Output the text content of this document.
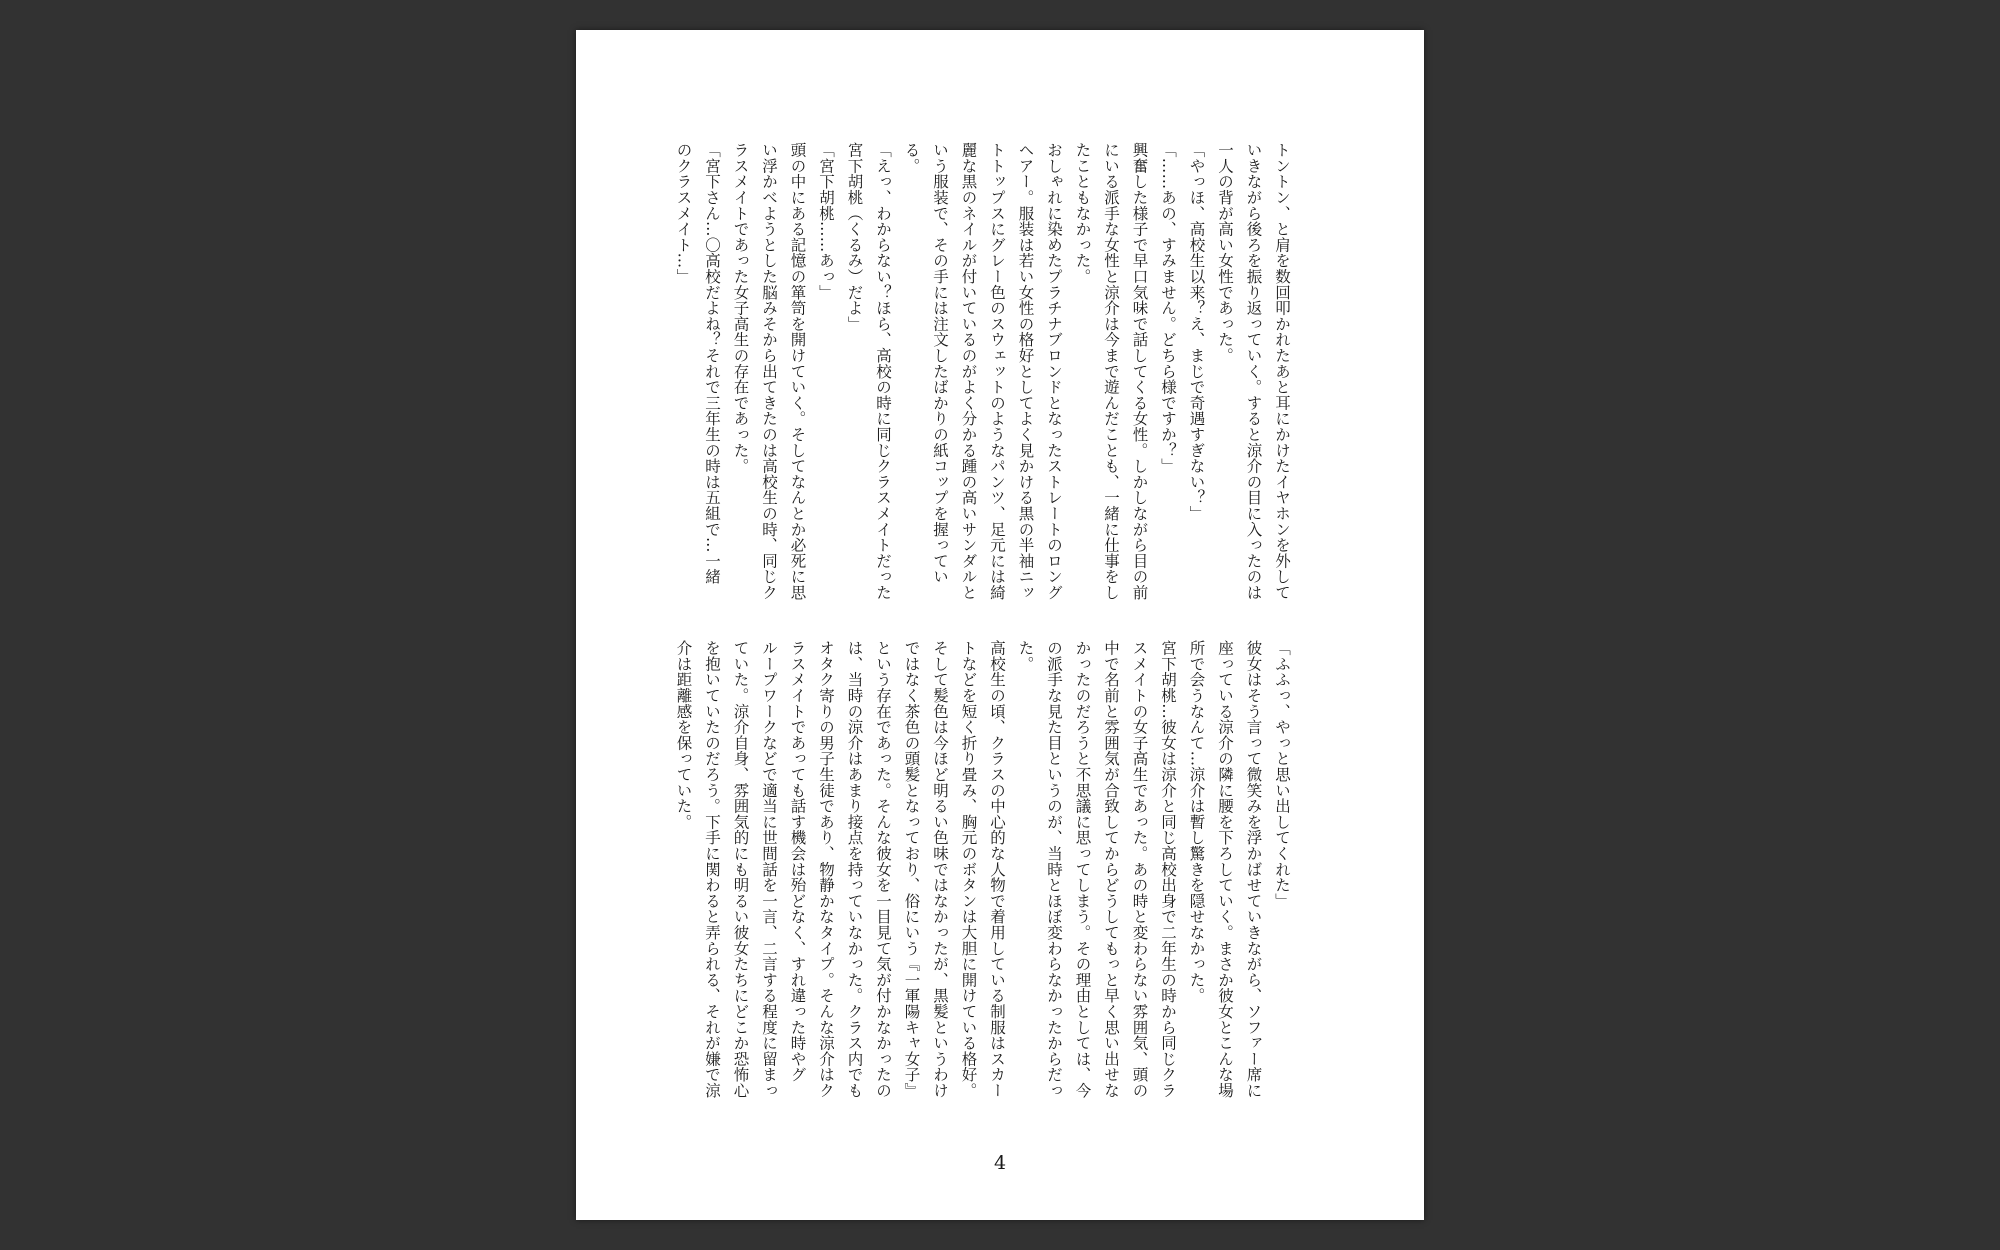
トントン、と肩を数回叩かれたあと耳にかけたイヤホンを外して

いきながら後ろを振り返っていく。すると涼介の目に入ったのは

一人の背が高い女性であった。

「やっほ、高校生以来？え、まじで奇遇すぎない？」

「……あの、すみません。どちら様ですか？」

興奮した様子で早口気味で話してくる女性。しかしながら目の前

にいる派手な女性と涼介は今まで遊んだことも、一緒に仕事をし

たこともなかった。

おしゃれに染めたプラチナブロンドとなったストレートのロング

ヘアー。服装は若い女性の格好としてよく見かける黒の半袖ニッ

トトップスにグレー色のスウェットのようなパンツ、足元には綺

麗な黒のネイルが付いているのがよく分かる踵の高いサンダルと

いう服装で、その手には注文したばかりの紙コップを握ってい

る。

「えっ、わからない？ほら、高校の時に同じクラスメイトだった

宮下胡桃（くるみ）だよ」

「宮下胡桃……あっ」

頭の中にある記憶の箪笥を開けていく。そしてなんとか必死に思

い浮かべようとした脳みそから出てきたのは高校生の時、同じク

ラスメイトであった女子高生の存在であった。

「宮下さん…〇高校だよね？それで三年生の時は五組で…一緒

のクラスメイト…」

「ふふっ、やっと思い出してくれた」

彼女はそう言って微笑みを浮かばせていきながら、ソファー席に

座っている涼介の隣に腰を下ろしていく。まさか彼女とこんな場

所で会うなんて…涼介は暫し驚きを隠せなかった。

宮下胡桃…彼女は涼介と同じ高校出身で二年生の時から同じクラ

スメイトの女子高生であった。あの時と変わらない雰囲気、頭の

中で名前と雰囲気が合致してからどうしてもっと早く思い出せな

かったのだろうと不思議に思ってしまう。その理由としては、今

の派手な見た目というのが、当時とほぼ変わらなかったからだっ

た。

高校生の頃、クラスの中心的な人物で着用している制服はスカー

トなどを短く折り畳み、胸元のボタンは大胆に開けている格好。

そして髪色は今ほど明るい色味ではなかったが、黒髪というわけ

ではなく茶色の頭髪となっており、俗にいう『一軍陽キャ女子』

という存在であった。そんな彼女を一目見て気が付かなかったの

は、当時の涼介はあまり接点を持っていなかった。クラス内でも

オタク寄りの男子生徒であり、物静かなタイプ。そんな涼介はク

ラスメイトであっても話す機会は殆どなく、すれ違った時やグ

ループワークなどで適当に世間話を一言、二言する程度に留まっ

ていた。涼介自身、雰囲気的にも明るい彼女たちにどこか恐怖心

を抱いていたのだろう。下手に関わると弄られる、それが嫌で涼

介は距離感を保っていた。

4
